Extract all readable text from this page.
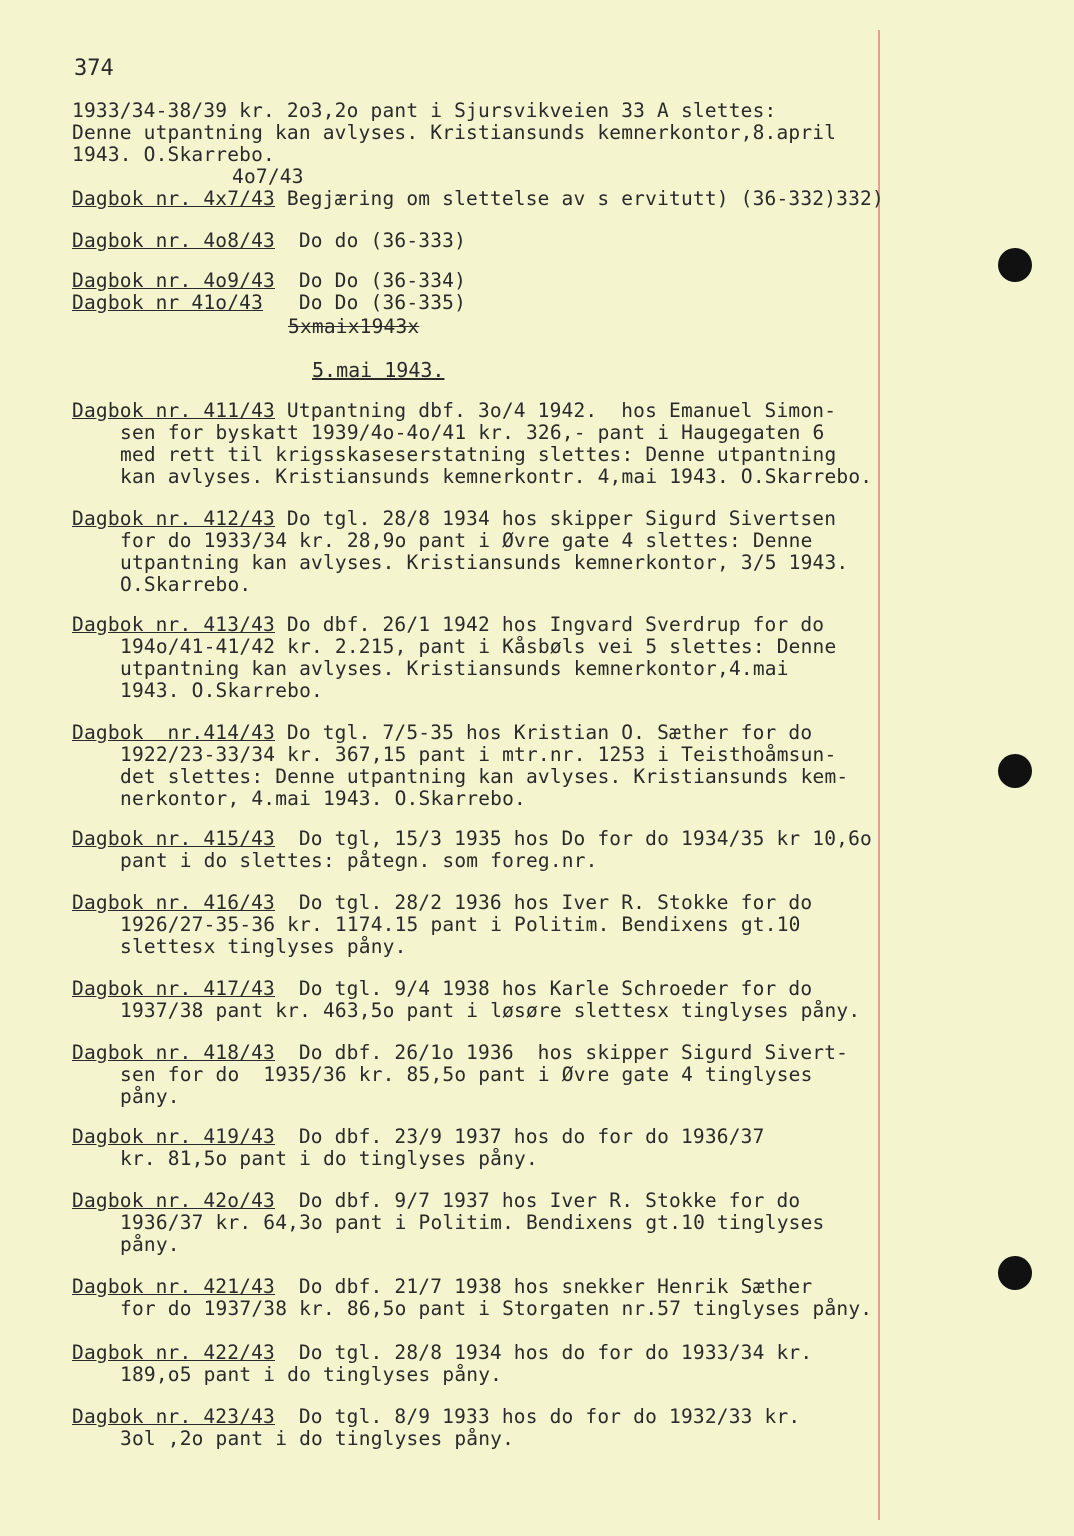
374
1933/34-38/39 kr. 2o3,2o pant i Sjursvikveien 33 A slettes:
Denne utpantning kan avlyses. Kristiansunds kemnerkontor,8.april
1943. O.Skarrebo.
4o7/43
Dagbok nr. 4x7/43 Begjæring om slettelse av s ervitutt) (36-332)332)
Dagbok nr. 4o8/43  Do do (36-333)
Dagbok nr. 4o9/43  Do Do (36-334)
Dagbok nr 41o/43   Do Do (36-335)
5xmaix1943x
5.mai 1943.
Dagbok nr. 411/43 Utpantning dbf. 3o/4 1942.  hos Emanuel Simon-
sen for byskatt 1939/4o-4o/41 kr. 326,- pant i Haugegaten 6
med rett til krigsskaseserstatning slettes: Denne utpantning
kan avlyses. Kristiansunds kemnerkontr. 4,mai 1943. O.Skarrebo.
Dagbok nr. 412/43 Do tgl. 28/8 1934 hos skipper Sigurd Sivertsen
for do 1933/34 kr. 28,9o pant i Øvre gate 4 slettes: Denne
utpantning kan avlyses. Kristiansunds kemnerkontor, 3/5 1943.
O.Skarrebo.
Dagbok nr. 413/43 Do dbf. 26/1 1942 hos Ingvard Sverdrup for do
194o/41-41/42 kr. 2.215, pant i Kåsbøls vei 5 slettes: Denne
utpantning kan avlyses. Kristiansunds kemnerkontor,4.mai
1943. O.Skarrebo.
Dagbok  nr.414/43 Do tgl. 7/5-35 hos Kristian O. Sæther for do
1922/23-33/34 kr. 367,15 pant i mtr.nr. 1253 i Teisthoåmsun-
det slettes: Denne utpantning kan avlyses. Kristiansunds kem-
nerkontor, 4.mai 1943. O.Skarrebo.
Dagbok nr. 415/43  Do tgl, 15/3 1935 hos Do for do 1934/35 kr 10,6o
pant i do slettes: påtegn. som foreg.nr.
Dagbok nr. 416/43  Do tgl. 28/2 1936 hos Iver R. Stokke for do
1926/27-35-36 kr. 1174.15 pant i Politim. Bendixens gt.10
slettesx tinglyses påny.
Dagbok nr. 417/43  Do tgl. 9/4 1938 hos Karle Schroeder for do
1937/38 pant kr. 463,5o pant i løsøre slettesx tinglyses påny.
Dagbok nr. 418/43  Do dbf. 26/1o 1936  hos skipper Sigurd Sivert-
sen for do  1935/36 kr. 85,5o pant i Øvre gate 4 tinglyses
påny.
Dagbok nr. 419/43  Do dbf. 23/9 1937 hos do for do 1936/37
kr. 81,5o pant i do tinglyses påny.
Dagbok nr. 42o/43  Do dbf. 9/7 1937 hos Iver R. Stokke for do
1936/37 kr. 64,3o pant i Politim. Bendixens gt.10 tinglyses
påny.
Dagbok nr. 421/43  Do dbf. 21/7 1938 hos snekker Henrik Sæther
for do 1937/38 kr. 86,5o pant i Storgaten nr.57 tinglyses påny.
Dagbok nr. 422/43  Do tgl. 28/8 1934 hos do for do 1933/34 kr.
189,o5 pant i do tinglyses påny.
Dagbok nr. 423/43  Do tgl. 8/9 1933 hos do for do 1932/33 kr.
3ol ,2o pant i do tinglyses påny.
